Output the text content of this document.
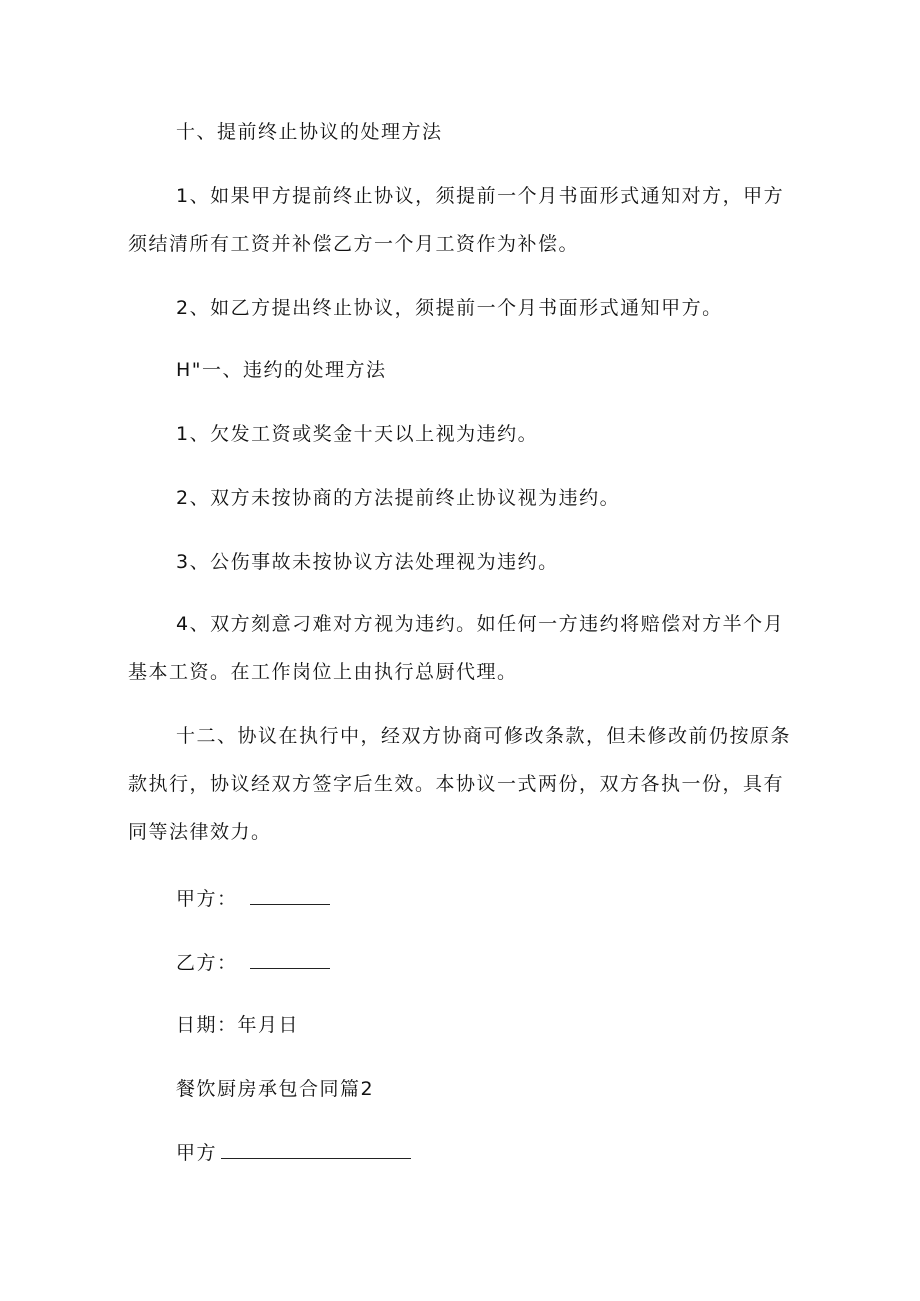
十、提前终止协议的处理方法

1、如果甲方提前终止协议，须提前一个月书面形式通知对方，甲方须结清所有工资并补偿乙方一个月工资作为补偿。

2、如乙方提出终止协议，须提前一个月书面形式通知甲方。

H"一、违约的处理方法

1、欠发工资或奖金十天以上视为违约。

2、双方未按协商的方法提前终止协议视为违约。

3、公伤事故未按协议方法处理视为违约。

4、双方刻意刁难对方视为违约。如任何一方违约将赔偿对方半个月基本工资。在工作岗位上由执行总厨代理。

十二、协议在执行中，经双方协商可修改条款，但未修改前仍按原条款执行，协议经双方签字后生效。本协议一式两份，双方各执一份，具有同等法律效力。

甲方：
乙方：
日期：年月日
餐饮厨房承包合同篇2
甲方
